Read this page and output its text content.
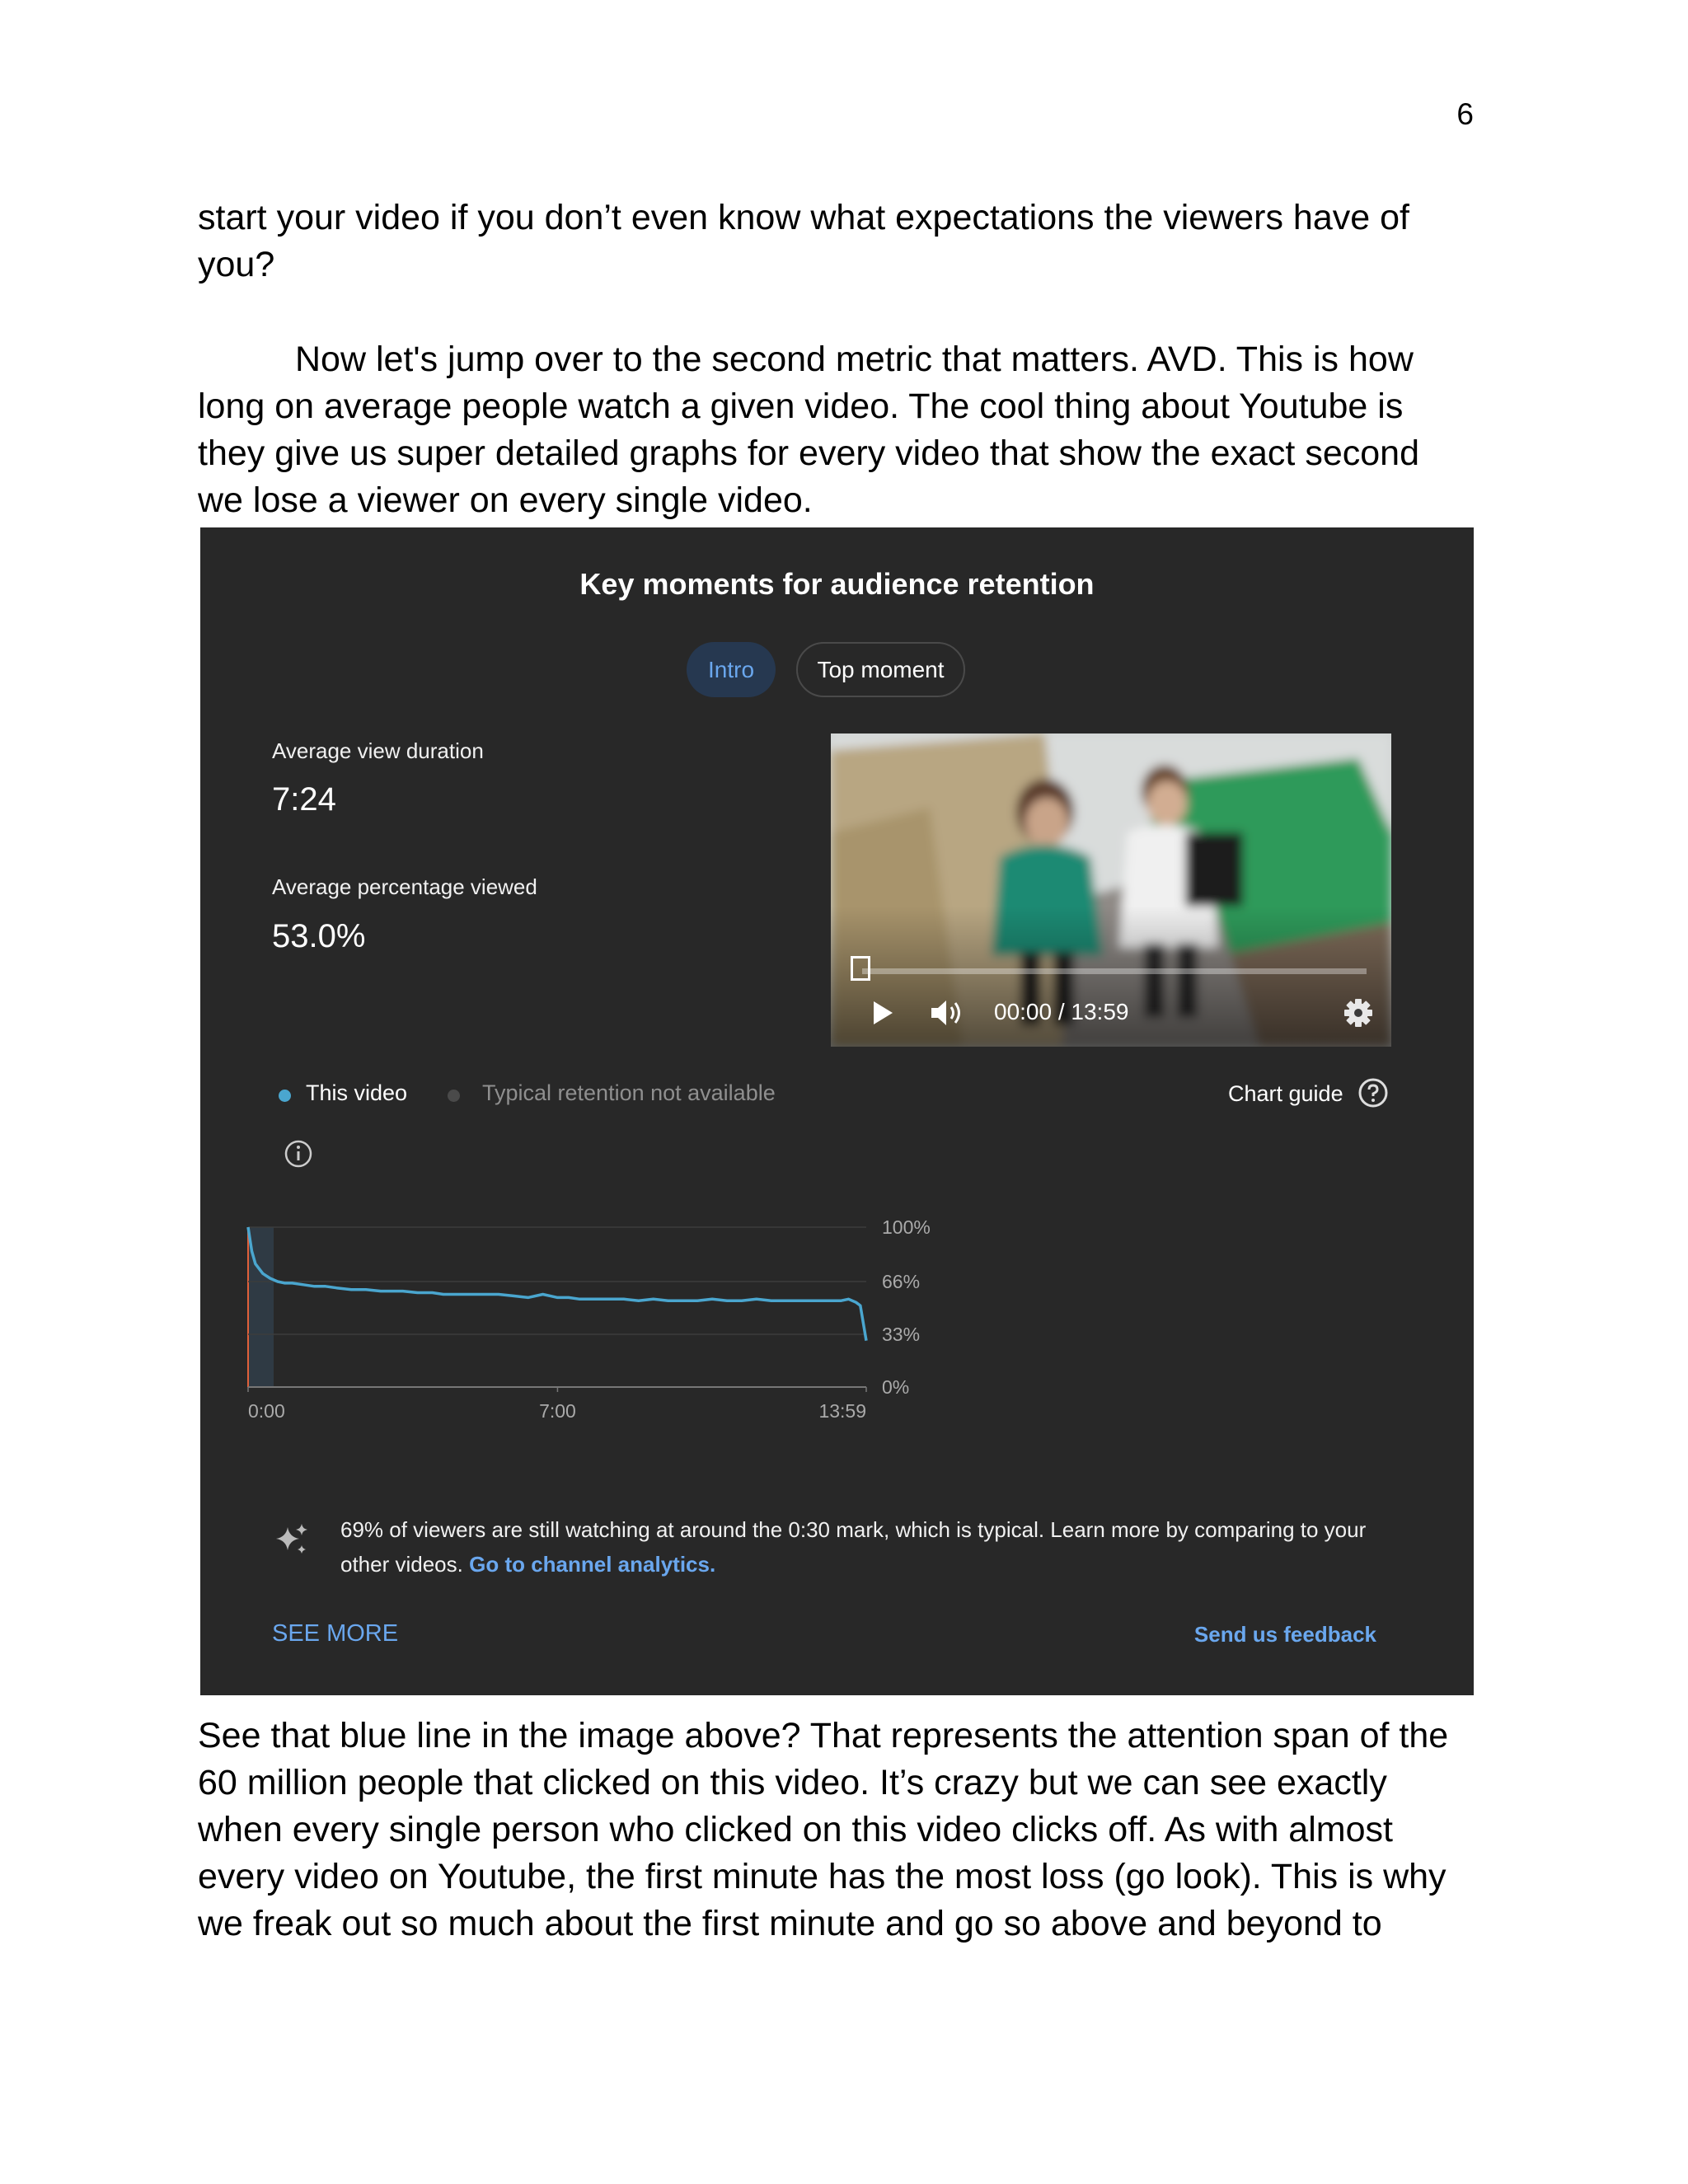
6

start your video if you don’t even know what expectations the viewers have of
you?

Now let's jump over to the second metric that matters. AVD. This is how
long on average people watch a given video. The cool thing about Youtube is
they give us super detailed graphs for every video that show the exact second
we lose a viewer on every single video.

Key moments for audience retention
Intro	Top moment
Average view duration
7:24
Average percentage viewed
53.0%
00:00 / 13:59
This video	Typical retention not available	Chart guide
100%
66%
33%
0%
0:00	7:00	13:59
69% of viewers are still watching at around the 0:30 mark, which is typical. Learn more by comparing to your other videos. Go to channel analytics.
SEE MORE	Send us feedback

See that blue line in the image above? That represents the attention span of the
60 million people that clicked on this video. It’s crazy but we can see exactly
when every single person who clicked on this video clicks off. As with almost
every video on Youtube, the first minute has the most loss (go look). This is why
we freak out so much about the first minute and go so above and beyond to
